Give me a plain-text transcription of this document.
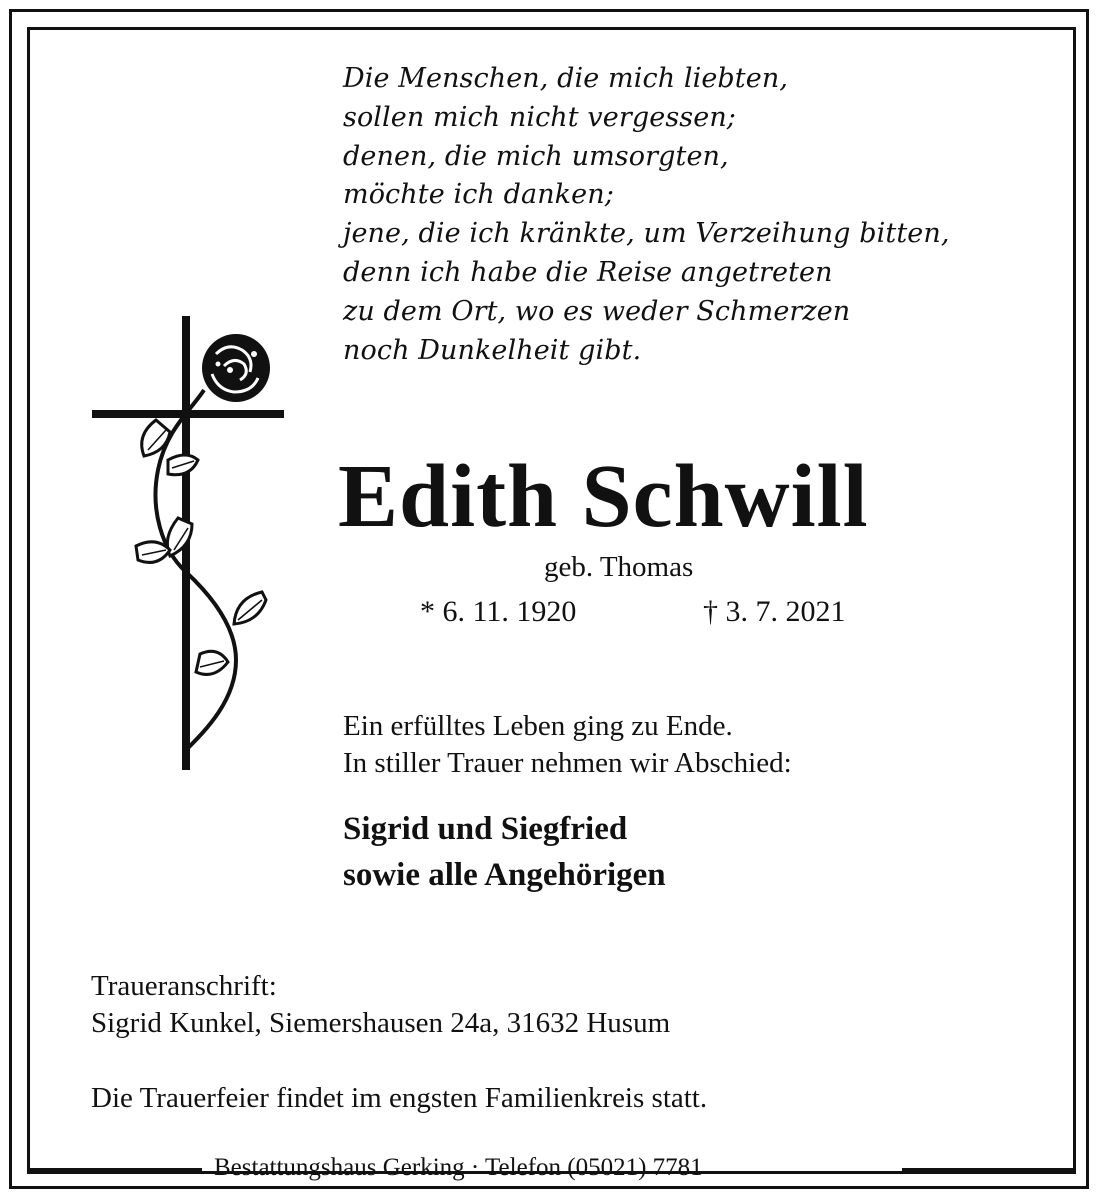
Die Menschen, die mich liebten,
sollen mich nicht vergessen;
denen, die mich umsorgten,
möchte ich danken;
jene, die ich kränkte, um Verzeihung bitten,
denn ich habe die Reise angetreten
zu dem Ort, wo es weder Schmerzen
noch Dunkelheit gibt.
Edith Schwill
geb. Thomas
* 6. 11. 1920	† 3. 7. 2021
Ein erfülltes Leben ging zu Ende.
In stiller Trauer nehmen wir Abschied:
Sigrid und Siegfried
sowie alle Angehörigen
Traueranschrift:
Sigrid Kunkel, Siemershausen 24a, 31632 Husum
Die Trauerfeier findet im engsten Familienkreis statt.
Bestattungshaus Gerking · Telefon (05021) 7781
